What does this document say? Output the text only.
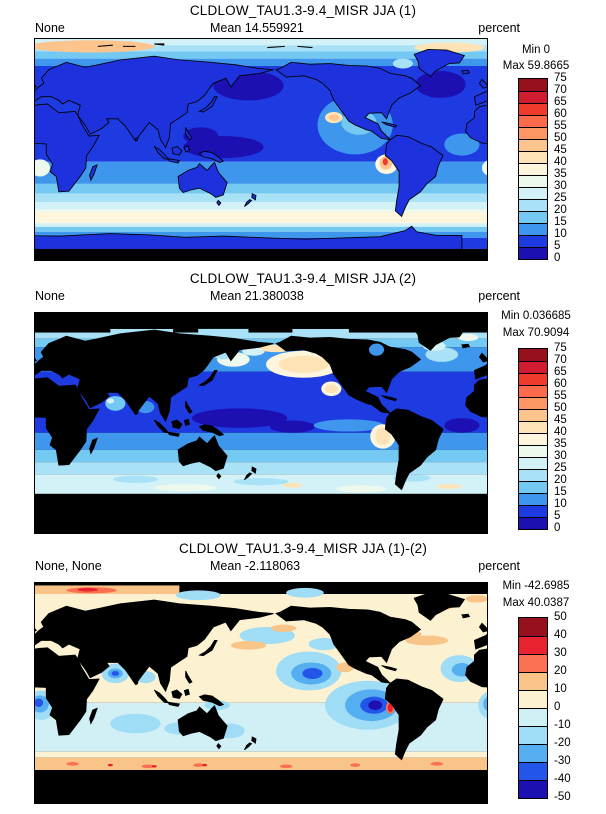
CLDLOW_TAU1.3-9.4_MISR JJA (1)
None	Mean 14.559921	percent
Min 0
Max 59.8665
75
70
65
60
55
50
45
40
35
30
25
20
15
10
5
0
CLDLOW_TAU1.3-9.4_MISR JJA (2)
None	Mean 21.380038	percent
Min 0.036685
Max 70.9094
75
70
65
60
55
50
45
40
35
30
25
20
15
10
5
0
CLDLOW_TAU1.3-9.4_MISR JJA (1)-(2)
None, None	Mean -2.118063	percent
Min -42.6985
Max 40.0387
50
40
30
20
10
0
-10
-20
-30
-40
-50
